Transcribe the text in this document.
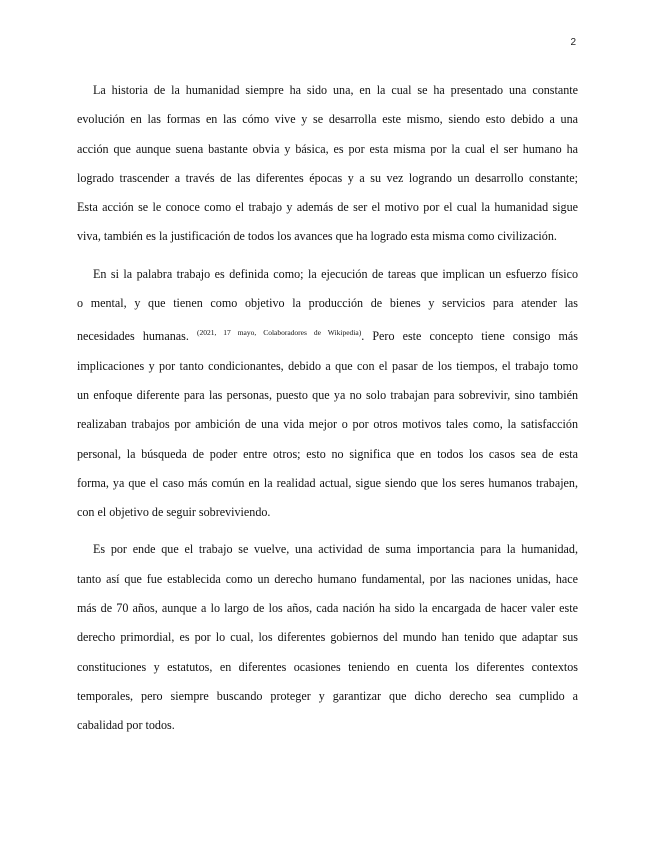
2

La historia de la humanidad siempre ha sido una, en la cual se ha presentado una constante
evolución en las formas en las cómo vive y se desarrolla este mismo, siendo esto debido a una
acción que aunque suena bastante obvia y básica, es por esta misma por la cual el ser humano ha
logrado trascender a través de las diferentes épocas y a su vez logrando un desarrollo constante;
Esta acción se le conoce como el trabajo y además de ser el motivo por el cual la humanidad sigue
viva, también es la justificación de todos los avances que ha logrado esta misma como civilización.

En si la palabra trabajo es definida como; la ejecución de tareas que implican un esfuerzo físico
o mental, y que tienen como objetivo la producción de bienes y servicios para atender las
necesidades humanas. $^{(2021, 17 mayo, Colaboradores de Wikipedia)}$. Pero este concepto tiene consigo más
implicaciones y por tanto condicionantes, debido a que con el pasar de los tiempos, el trabajo tomo
un enfoque diferente para las personas, puesto que ya no solo trabajan para sobrevivir, sino también
realizaban trabajos por ambición de una vida mejor o por otros motivos tales como, la satisfacción
personal, la búsqueda de poder entre otros; esto no significa que en todos los casos sea de esta
forma, ya que el caso más común en la realidad actual, sigue siendo que los seres humanos trabajen,
con el objetivo de seguir sobreviviendo.

Es por ende que el trabajo se vuelve, una actividad de suma importancia para la humanidad,
tanto así que fue establecida como un derecho humano fundamental, por las naciones unidas, hace
más de 70 años, aunque a lo largo de los años, cada nación ha sido la encargada de hacer valer este
derecho primordial, es por lo cual, los diferentes gobiernos del mundo han tenido que adaptar sus
constituciones y estatutos, en diferentes ocasiones teniendo en cuenta los diferentes contextos
temporales, pero siempre buscando proteger y garantizar que dicho derecho sea cumplido a
cabalidad por todos.
